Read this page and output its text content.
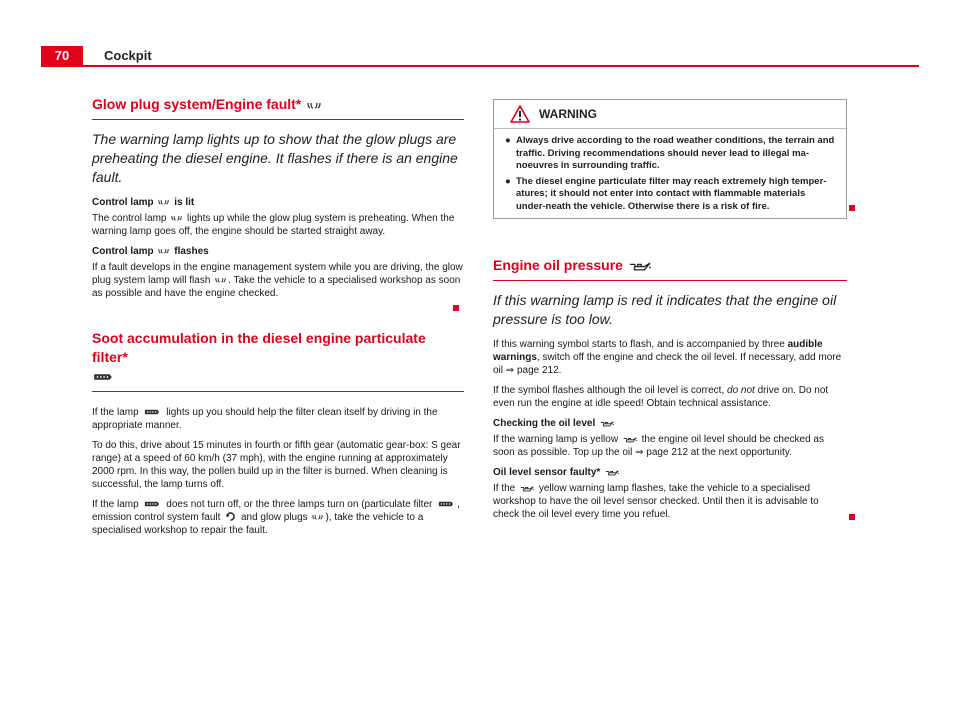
70	Cockpit
Glow plug system/Engine fault*

The warning lamp lights up to show that the glow plugs are preheating the diesel engine. It flashes if there is an engine fault.

Control lamp is lit

The control lamp lights up while the glow plug system is preheating. When the warning lamp goes off, the engine should be started straight away.

Control lamp flashes

If a fault develops in the engine management system while you are driving, the glow plug system lamp will flash . Take the vehicle to a specialised workshop as soon as possible and have the engine checked.

Soot accumulation in the diesel engine particulate filter*

If the lamp	lights up you should help the filter clean itself by driving in the appropriate manner.

To do this, drive about 15 minutes in fourth or fifth gear (automatic gear-box: S gear range) at a speed of 60 km/h (37 mph), with the engine running at approximately 2000 rpm. In this way, the pollen build up in the filter is burned. When cleaning is successful, the lamp turns off.

If the lamp	does not turn off, or the three lamps turn on (particulate filter , emission control system fault and glow plugs ), take the vehicle to a specialised workshop to repair the fault.

WARNING
● Always drive according to the road weather conditions, the terrain and traffic. Driving recommendations should never lead to illegal ma-noeuvres in surrounding traffic.
● The diesel engine particulate filter may reach extremely high temper-atures; it should not enter into contact with flammable materials under-neath the vehicle. Otherwise there is a risk of fire.
Engine oil pressure

If this warning lamp is red it indicates that the engine oil pressure is too low.

If this warning symbol starts to flash, and is accompanied by three audible warnings, switch off the engine and check the oil level. If necessary, add more oil ⇒ page 212.

If the symbol flashes although the oil level is correct, do not drive on. Do not even run the engine at idle speed! Obtain technical assistance.

Checking the oil level

If the warning lamp is yellow the engine oil level should be checked as soon as possible. Top up the oil ⇒ page 212 at the next opportunity.

Oil level sensor faulty*

If the yellow warning lamp flashes, take the vehicle to a specialised workshop to have the oil level sensor checked. Until then it is advisable to check the oil level every time you refuel.
